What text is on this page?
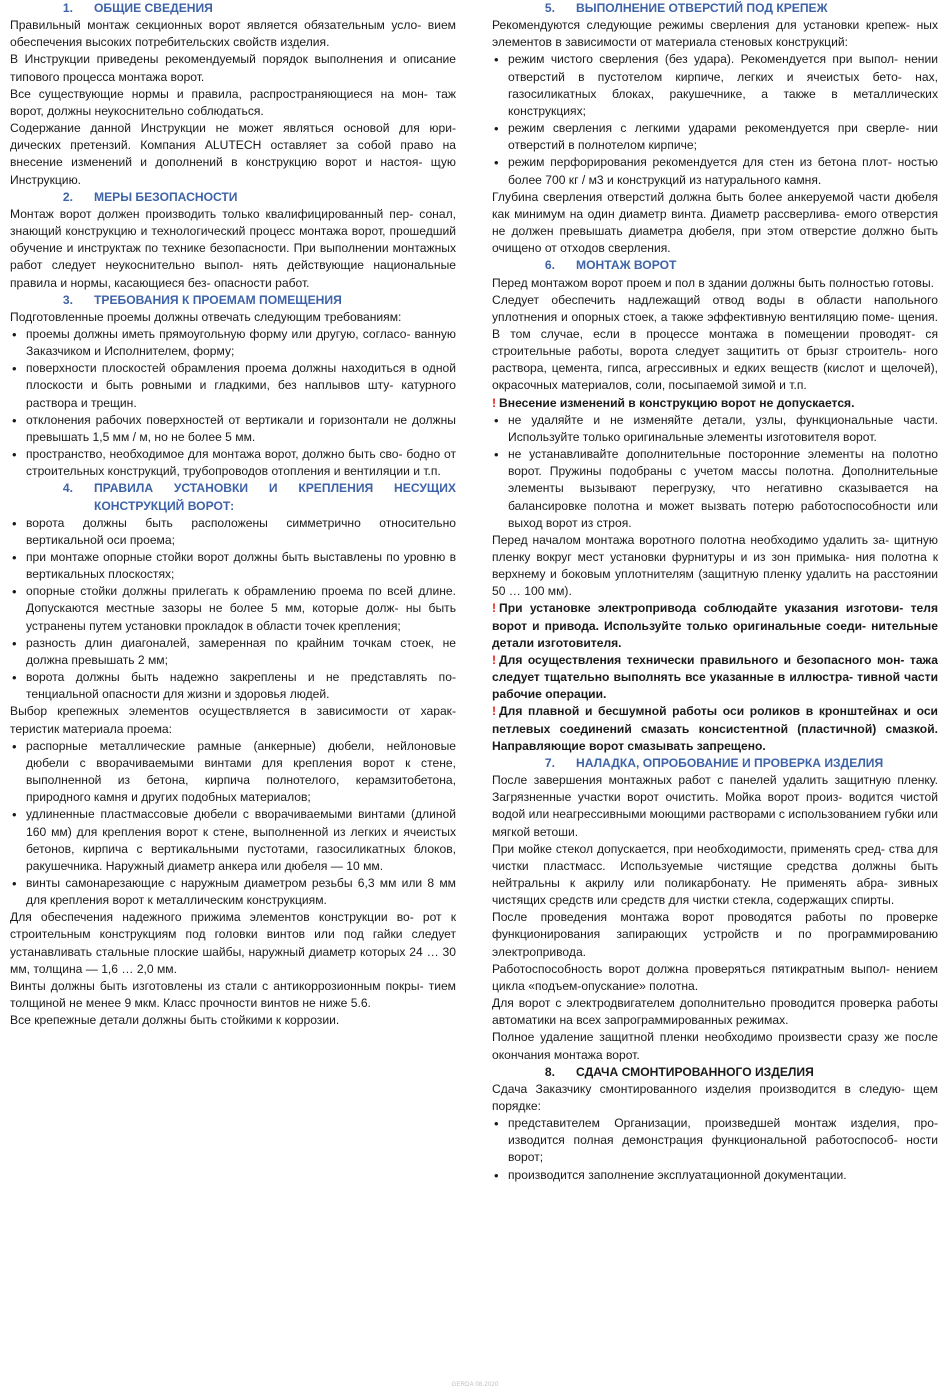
1. ОБЩИЕ СВЕДЕНИЯ

Правильный монтаж секционных ворот является обязательным усло- вием обеспечения высоких потребительских свойств изделия.

В Инструкции приведены рекомендуемый порядок выполнения и описание типового процесса монтажа ворот.

Все существующие нормы и правила, распространяющиеся на мон- таж ворот, должны неукоснительно соблюдаться.

Содержание данной Инструкции не может являться основой для юри- дических претензий. Компания ALUTECH оставляет за собой право на внесение изменений и дополнений в конструкцию ворот и настоя- щую Инструкцию.

2. МЕРЫ БЕЗОПАСНОСТИ

Монтаж ворот должен производить только квалифицированный пер- сонал, знающий конструкцию и технологический процесс монтажа ворот, прошедший обучение и инструктаж по технике безопасности. При выполнении монтажных работ следует неукоснительно выпол- нять действующие национальные правила и нормы, касающиеся без- опасности работ.

3. ТРЕБОВАНИЯ К ПРОЕМАМ ПОМЕЩЕНИЯ

Подготовленные проемы должны отвечать следующим требованиям:

• проемы должны иметь прямоугольную форму или другую, согласо- ванную Заказчиком и Исполнителем, форму;
• поверхности плоскостей обрамления проема должны находиться в одной плоскости и быть ровными и гладкими, без наплывов шту- катурного раствора и трещин.
• отклонения рабочих поверхностей от вертикали и горизонтали не должны превышать 1,5 мм / м, но не более 5 мм.
• пространство, необходимое для монтажа ворот, должно быть сво- бодно от строительных конструкций, трубопроводов отопления и вентиляции и т.п.
4. ПРАВИЛА УСТАНОВКИ И КРЕПЛЕНИЯ НЕСУЩИХ
КОНСТРУКЦИЙ ВОРОТ:
• ворота должны быть расположены симметрично относительно вертикальной оси проема;
• при монтаже опорные стойки ворот должны быть выставлены по уровню в вертикальных плоскостях;
• опорные стойки должны прилегать к обрамлению проема по всей длине. Допускаются местные зазоры не более 5 мм, которые долж- ны быть устранены путем установки прокладок в области точек крепления;
• разность длин диагоналей, замеренная по крайним точкам стоек, не должна превышать 2 мм;
• ворота должны быть надежно закреплены и не представлять по- тенциальной опасности для жизни и здоровья людей.

Выбор крепежных элементов осуществляется в зависимости от харак- теристик материала проема:

• распорные металлические рамные (анкерные) дюбели, нейлоновые дюбели с вворачиваемыми винтами для крепления ворот к стене, выполненной из бетона, кирпича полнотелого, керамзитобетона, природного камня и других подобных материалов;
• удлиненные пластмассовые дюбели с вворачиваемыми винтами (длиной 160 мм) для крепления ворот к стене, выполненной из легких и ячеистых бетонов, кирпича с вертикальными пустотами, газосиликатных блоков, ракушечника. Наружный диаметр анкера или дюбеля — 10 мм.
• винты самонарезающие с наружным диаметром резьбы 6,3 мм или 8 мм для крепления ворот к металлическим конструкциям.

Для обеспечения надежного прижима элементов конструкции во- рот к строительным конструкциям под головки винтов или под гайки следует устанавливать стальные плоские шайбы, наружный диаметр которых 24 … 30 мм, толщина — 1,6 … 2,0 мм.

Винты должны быть изготовлены из стали с антикоррозионным покры- тием толщиной не менее 9 мкм. Класс прочности винтов не ниже 5.6.

Все крепежные детали должны быть стойкими к коррозии.

5. ВЫПОЛНЕНИЕ ОТВЕРСТИЙ ПОД КРЕПЕЖ

Рекомендуются следующие режимы сверления для установки крепеж- ных элементов в зависимости от материала стеновых конструкций:

• режим чистого сверления (без удара). Рекомендуется при выпол- нении отверстий в пустотелом кирпиче, легких и ячеистых бето- нах, газосиликатных блоках, ракушечнике, а также в металлических конструкциях;
• режим сверления с легкими ударами рекомендуется при сверле- нии отверстий в полнотелом кирпиче;
• режим перфорирования рекомендуется для стен из бетона плот- ностью более 700 кг / м3 и конструкций из натурального камня.

Глубина сверления отверстий должна быть более анкеруемой части дюбеля как минимум на один диаметр винта. Диаметр рассверлива- емого отверстия не должен превышать диаметра дюбеля, при этом отверстие должно быть очищено от отходов сверления.

6. МОНТАЖ ВОРОТ

Перед монтажом ворот проем и пол в здании должны быть полностью готовы.

Следует обеспечить надлежащий отвод воды в области напольного уплотнения и опорных стоек, а также эффективную вентиляцию поме- щения. В том случае, если в процессе монтажа в помещении проводят- ся строительные работы, ворота следует защитить от брызг строитель- ного раствора, цемента, гипса, агрессивных и едких веществ (кислот и щелочей), окрасочных материалов, соли, посыпаемой зимой и т.п.

! Внесение изменений в конструкцию ворот не допускается.

• не удаляйте и не изменяйте детали, узлы, функциональные части. Используйте только оригинальные элементы изготовителя ворот.
• не устанавливайте дополнительные посторонние элементы на полотно ворот. Пружины подобраны с учетом массы полотна. Дополнительные элементы вызывают перегрузку, что негативно сказывается на балансировке полотна и может вызвать потерю работоспособности или выход ворот из строя.

Перед началом монтажа воротного полотна необходимо удалить за- щитную пленку вокруг мест установки фурнитуры и из зон примыка- ния полотна к верхнему и боковым уплотнителям (защитную пленку удалить на расстоянии 50 … 100 мм).

! При установке электропривода соблюдайте указания изготови- теля ворот и привода. Используйте только оригинальные соеди- нительные детали изготовителя.

! Для осуществления технически правильного и безопасного мон- тажа следует тщательно выполнять все указанные в иллюстра- тивной части рабочие операции.

! Для плавной и бесшумной работы оси роликов в кронштейнах и оси петлевых соединений смазать консистентной (пластичной) смазкой. Направляющие ворот смазывать запрещено.

7. НАЛАДКА, ОПРОБОВАНИЕ И ПРОВЕРКА ИЗДЕЛИЯ

После завершения монтажных работ с панелей удалить защитную пленку. Загрязненные участки ворот очистить. Мойка ворот произ- водится чистой водой или неагрессивными моющими растворами с использованием губки или мягкой ветоши.

При мойке стекол допускается, при необходимости, применять сред- ства для чистки пластмасс. Используемые чистящие средства должны быть нейтральны к акрилу или поликарбонату. Не применять абра- зивных чистящих средств или средств для чистки стекла, содержащих спирты.

После проведения монтажа ворот проводятся работы по проверке функционирования запирающих устройств и по программированию электропривода.

Работоспособность ворот должна проверяться пятикратным выпол- нением цикла «подъем-опускание» полотна.

Для ворот с электродвигателем дополнительно проводится проверка работы автоматики на всех запрограммированных режимах.

Полное удаление защитной пленки необходимо произвести сразу же после окончания монтажа ворот.

8. СДАЧА СМОНТИРОВАННОГО ИЗДЕЛИЯ

Сдача Заказчику смонтированного изделия производится в следую- щем порядке:

• представителем Организации, произведшей монтаж изделия, про- изводится полная демонстрация функциональной работоспособ- ности ворот;
• производится заполнение эксплуатационной документации.
GERDA 08.2020
